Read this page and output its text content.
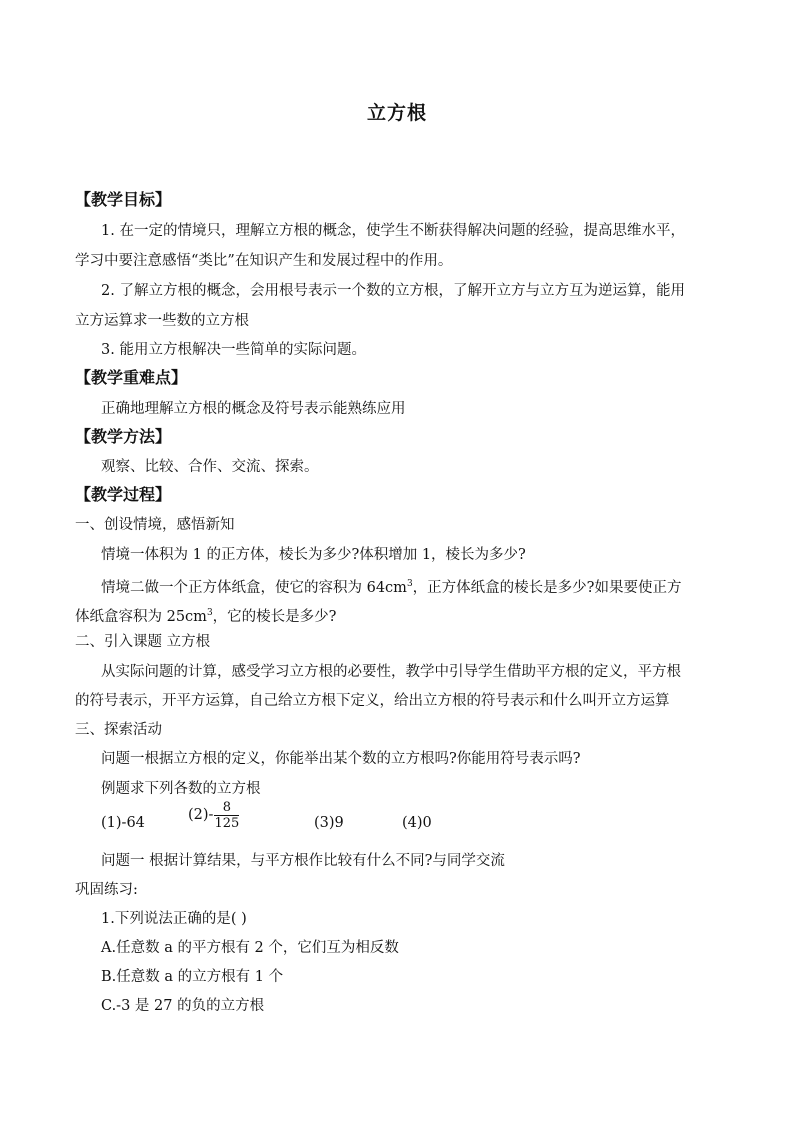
立方根
【教学目标】
1. 在一定的情境只，理解立方根的概念，使学生不断获得解决问题的经验，提高思维水平，
学习中要注意感悟“类比”在知识产生和发展过程中的作用。
2. 了解立方根的概念，会用根号表示一个数的立方根，了解开立方与立方互为逆运算，能用
立方运算求一些数的立方根
3. 能用立方根解决一些简单的实际问题。
【教学重难点】
正确地理解立方根的概念及符号表示能熟练应用
【教学方法】
观察、比较、合作、交流、探索。
【教学过程】
一、创设情境，感悟新知
情境一体积为 1 的正方体，棱长为多少?体积增加 1，棱长为多少?
情境二做一个正方体纸盒，使它的容积为 $64cm^3$，正方体纸盒的棱长是多少?如果要使正方
体纸盒容积为 $25cm^3$，它的棱长是多少?
二、引入课题 立方根
从实际问题的计算，感受学习立方根的必要性，教学中引导学生借助平方根的定义，平方根
的符号表示，开平方运算，自己给立方根下定义，给出立方根的符号表示和什么叫开立方运算
三、探索活动
问题一根据立方根的定义，你能举出某个数的立方根吗?你能用符号表示吗?
例题求下列各数的立方根
(1)-64	$(2)- \frac{8}{125}$	(3)9	(4)0
问题一 根据计算结果，与平方根作比较有什么不同?与同学交流
巩固练习:
1.下列说法正确的是( )
A.任意数 a 的平方根有 2 个，它们互为相反数
B.任意数 a 的立方根有 1 个
C.-3 是 27 的负的立方根
